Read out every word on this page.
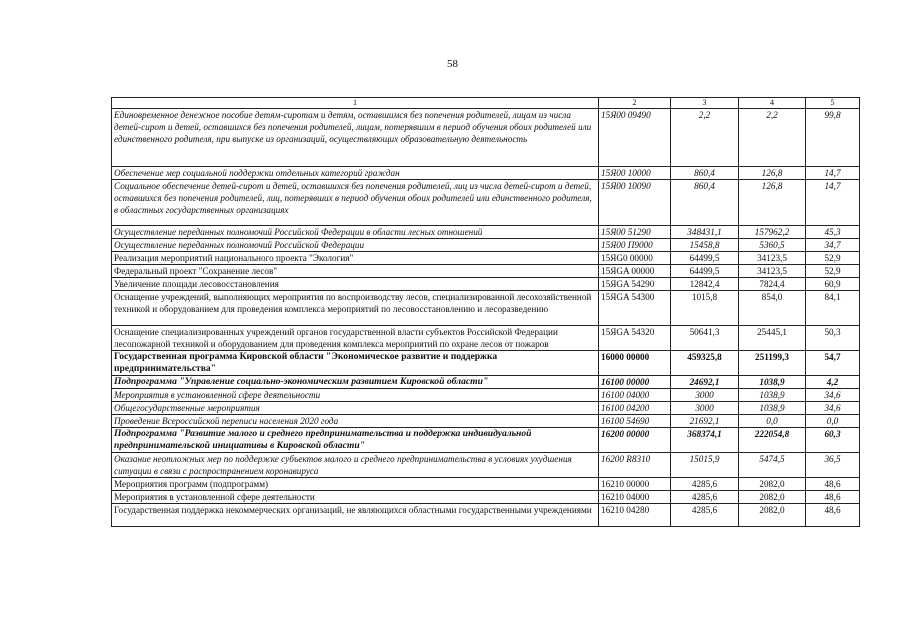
58
1	2	3	4	5
Единовременное денежное пособие детям-сиротам и детям, оставшимся без попечения родителей, лицам из числа детей-сирот и детей, оставшихся без попечения родителей, лицам, потерявшим в период обучения обоих родителей или единственного родителя, при выпуске из организаций, осуществляющих образовательную деятельность	15Я00 09490	2,2	2,2	99,8
Обеспечение мер социальной поддержки отдельных категорий граждан	15Я00 10000	860,4	126,8	14,7
Социальное обеспечение детей-сирот и детей, оставшихся без попечения родителей, лиц из числа детей-сирот и детей, оставшихся без попечения родителей, лиц, потерявших в период обучения обоих родителей или единственного родителя, в областных государственных организациях	15Я00 10090	860,4	126,8	14,7
Осуществление переданных полномочий Российской Федерации в области лесных отношений	15Я00 51290	348431,1	157962,2	45,3
Осуществление переданных полномочий Российской Федерации	15Я00 П9000	15458,8	5360,5	34,7
Реализация мероприятий национального проекта "Экология"	15ЯG0 00000	64499,5	34123,5	52,9
Федеральный проект "Сохранение лесов"	15ЯGA 00000	64499,5	34123,5	52,9
Увеличение площади лесовосстановления	15ЯGA 54290	12842,4	7824,4	60,9
Оснащение учреждений, выполняющих мероприятия по воспроизводству лесов, специализированной лесохозяйственной техникой и оборудованием для проведения комплекса мероприятий по лесовосстановлению и лесоразведению	15ЯGA 54300	1015,8	854,0	84,1
Оснащение специализированных учреждений органов государственной власти субъектов Российской Федерации лесопожарной техникой и оборудованием для проведения комплекса мероприятий по охране лесов от пожаров	15ЯGA 54320	50641,3	25445,1	50,3
Государственная программа Кировской области "Экономическое развитие и поддержка предпринимательства"	16000 00000	459325,8	251199,3	54,7
Подпрограмма "Управление социально-экономическим развитием Кировской области"	16100 00000	24692,1	1038,9	4,2
Мероприятия в установленной сфере деятельности	16100 04000	3000	1038,9	34,6
Общегосударственные мероприятия	16100 04200	3000	1038,9	34,6
Проведение Всероссийской переписи населения 2020 года	16100 54690	21692,1	0,0	0,0
Подпрограмма "Развитие малого и среднего предпринимательства и поддержка индивидуальной предпринимательской инициативы в Кировской области"	16200 00000	368374,1	222054,8	60,3
Оказание неотложных мер по поддержке субъектов малого и среднего предпринимательства в условиях ухудшения ситуации в связи с распространением коронавируса	16200 R8310	15015,9	5474,5	36,5
Мероприятия программ (подпрограмм)	16210 00000	4285,6	2082,0	48,6
Мероприятия в установленной сфере деятельности	16210 04000	4285,6	2082,0	48,6
Государственная поддержка некоммерческих организаций, не являющихся областными государственными учреждениями	16210 04280	4285,6	2082,0	48,6
